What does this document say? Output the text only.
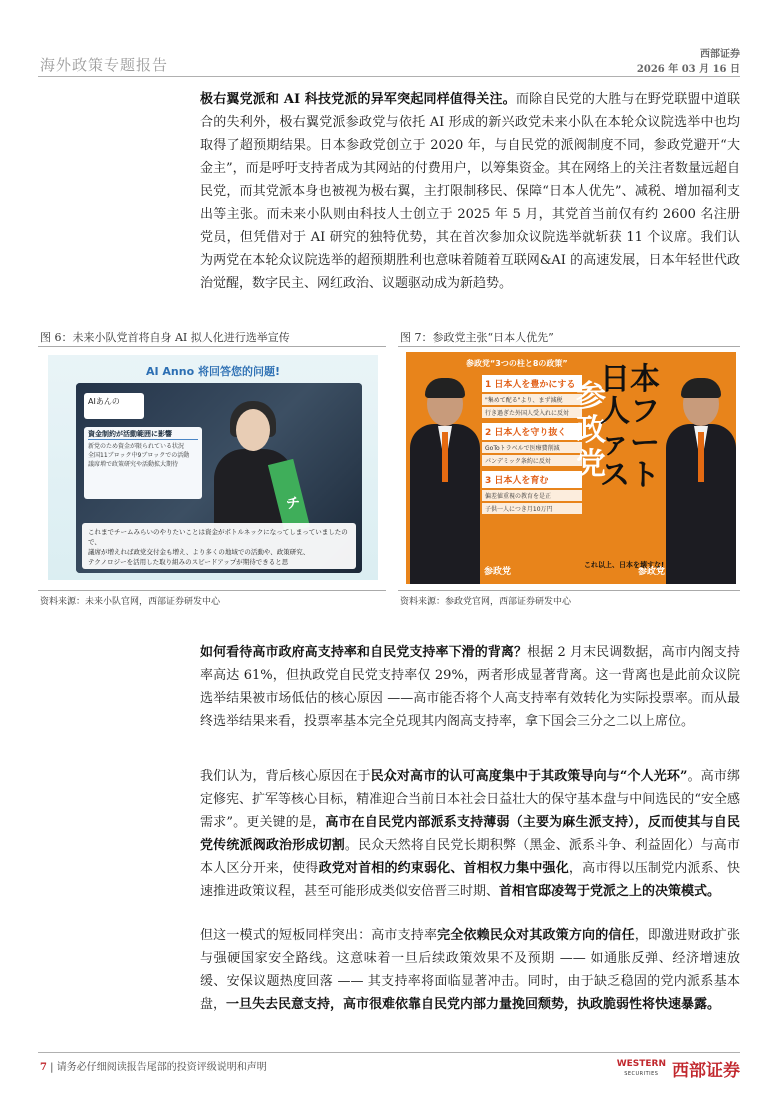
海外政策专题报告
西部证券
2026 年 03 月 16 日
极右翼党派和 AI 科技党派的异军突起同样值得关注。而除自民党的大胜与在野党联盟中道联合的失利外，极右翼党派参政党与依托 AI 形成的新兴政党未来小队在本轮众议院选举中也均取得了超预期结果。日本参政党创立于 2020 年，与自民党的派阀制度不同，参政党避开“大金主”，而是呼吁支持者成为其网站的付费用户，以筹集资金。其在网络上的关注者数量远超自民党，而其党派本身也被视为极右翼，主打限制移民、保障“日本人优先”、减税、增加福利支出等主张。而未来小队则由科技人士创立于 2025 年 5 月，其党首当前仅有约 2600 名注册党员，但凭借对于 AI 研究的独特优势，其在首次参加众议院选举就斩获 11 个议席。我们认为两党在本轮众议院选举的超预期胜利也意味着随着互联网&AI 的高速发展，日本年轻世代政治觉醒，数字民主、网红政治、议题驱动成为新趋势。
图 6：未来小队党首将自身 AI 拟人化进行选举宣传
AI Anno 将回答您的问题!
AIあんの
資金制約が活動範囲に影響
新党のため資金が限られている状況
全国11ブロック中9ブロックでの活動
議席増で政策研究や活動拡大期待
チ
これまでチームみらいのやりたいことは資金がボトルネックになってしまっていましたので、
議席が増えれば政党交付金も増え、より多くの地域での活動や、政策研究、
テクノロジーを活用した取り組みのスピードアップが期待できると思
资料来源：未来小队官网，西部证券研发中心
图 7：参政党主张“日本人优先”
参政党“3つの柱と8の政策”
1 日本人を豊かにする
"集めて配る"より、まず減税
行き過ぎた外国人受入れに反対
2 日本人を守り抜く
GoToトラベルで医療費削減
パンデミック条約に反対
3 日本人を育む
偏差値重視の教育を是正
子供一人につき月10万円
参政党
日本人ファースト
参政党	参政党
これ以上、日本を壊すな!
资料来源：参政党官网，西部证券研发中心
如何看待高市政府高支持率和自民党支持率下滑的背离？根据 2 月末民调数据，高市内阁支持率高达 61%，但执政党自民党支持率仅 29%，两者形成显著背离。这一背离也是此前众议院选举结果被市场低估的核心原因 ——高市能否将个人高支持率有效转化为实际投票率。而从最终选举结果来看，投票率基本完全兑现其内阁高支持率，拿下国会三分之二以上席位。
我们认为，背后核心原因在于民众对高市的认可高度集中于其政策导向与“个人光环”。高市绑定修宪、扩军等核心目标，精准迎合当前日本社会日益壮大的保守基本盘与中间选民的“安全感需求”。更关键的是，高市在自民党内部派系支持薄弱（主要为麻生派支持），反而使其与自民党传统派阀政治形成切割。民众天然将自民党长期积弊（黑金、派系斗争、利益固化）与高市本人区分开来，使得政党对首相的约束弱化、首相权力集中强化，高市得以压制党内派系、快速推进政策议程，甚至可能形成类似安倍晋三时期、首相官邸凌驾于党派之上的决策模式。
但这一模式的短板同样突出：高市支持率完全依赖民众对其政策方向的信任，即激进财政扩张与强硬国家安全路线。这意味着一旦后续政策效果不及预期 —— 如通胀反弹、经济增速放缓、安保议题热度回落 —— 其支持率将面临显著冲击。同时，由于缺乏稳固的党内派系基本盘，一旦失去民意支持，高市很难依靠自民党内部力量挽回颓势，执政脆弱性将快速暴露。
7 | 请务必仔细阅读报告尾部的投资评级说明和声明	WESTERN
SECURITIES 西部证券
